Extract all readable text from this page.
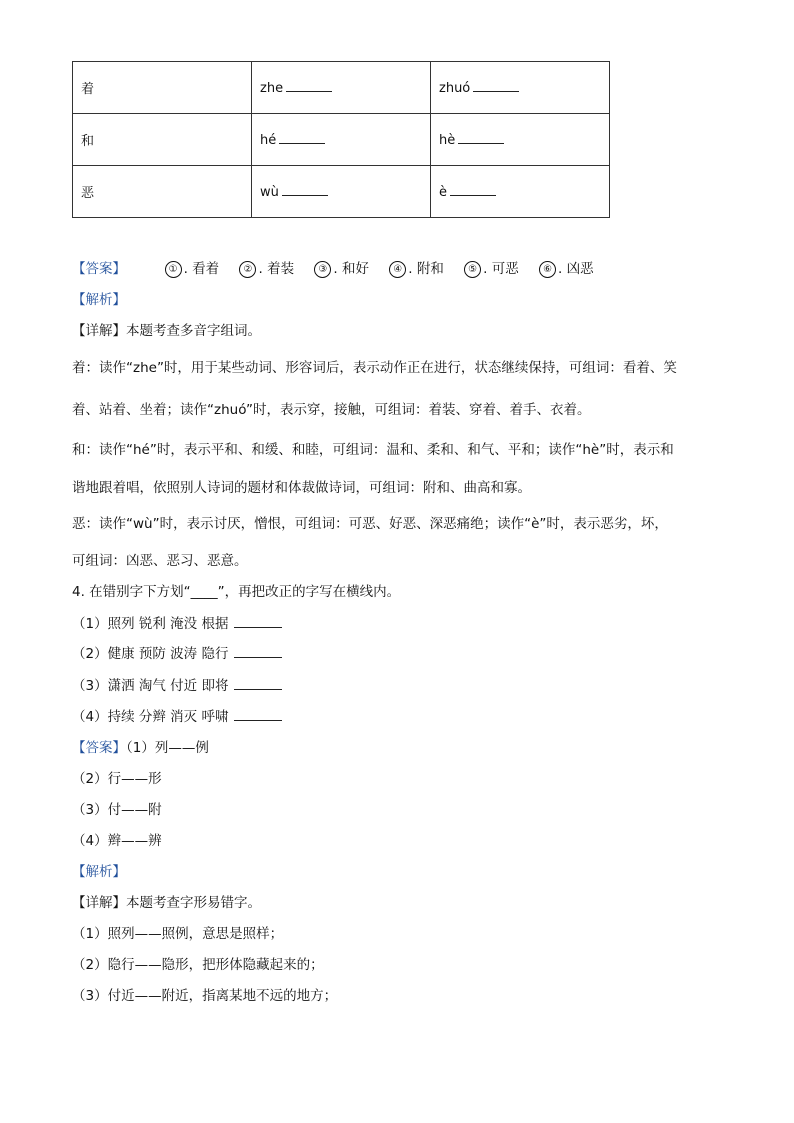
着	zhe	zhuó
和	hé	hè
恶	wù	è
【答案】	① . 看着 ② . 着装 ③ . 和好 ④ . 附和 ⑤ . 可恶 ⑥ . 凶恶
【解析】
【详解】本题考查多音字组词。
着：读作“zhe”时，用于某些动词、形容词后，表示动作正在进行，状态继续保持，可组词：看着、笑
着、站着、坐着；读作“zhuó”时，表示穿，接触，可组词：着装、穿着、着手、衣着。
和：读作“hé”时，表示平和、和缓、和睦，可组词：温和、柔和、和气、平和；读作“hè”时，表示和
谐地跟着唱，依照别人诗词的题材和体裁做诗词，可组词：附和、曲高和寡。
恶：读作“wù”时，表示讨厌，憎恨，可组词：可恶、好恶、深恶痛绝；读作“è”时，表示恶劣，坏，
可组词：凶恶、恶习、恶意。
4. 在错别字下方划“____”，再把改正的字写在横线内。
（1）照列 锐利 淹没 根据
（2）健康 预防 波涛 隐行
（3）潇洒 淘气 付近 即将
（4）持续 分辫 消灭 呼啸
【答案】（1）列——例
（2）行——形
（3）付——附
（4）辫——辨
【解析】
【详解】本题考查字形易错字。
（1）照列——照例，意思是照样；
（2）隐行——隐形，把形体隐藏起来的；
（3）付近——附近，指离某地不远的地方；
